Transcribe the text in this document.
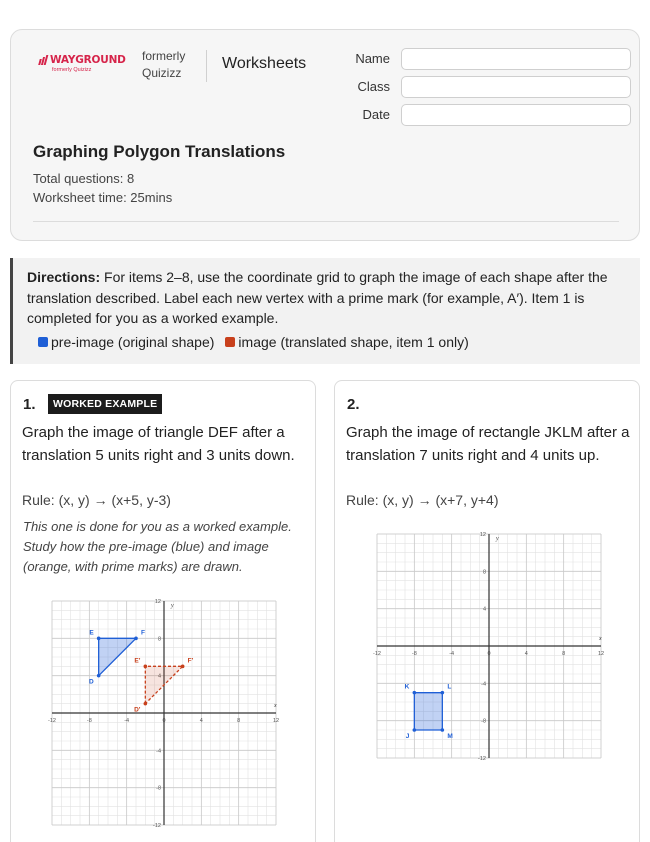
WAYGROUND
formerly Quizizz
formerly
Quizizz
Worksheets	Name
Class
Date
Graphing Polygon Translations
Total questions: 8
Worksheet time: 25mins
Directions: For items 2–8, use the coordinate grid to graph the image of each shape after the translation described. Label each new vertex with a prime mark (for example, A′). Item 1 is completed for you as a worked example.
pre-image (original shape) image (translated shape, item 1 only)
1.	WORKED EXAMPLE
Graph the image of triangle DEF after a translation 5 units right and 3 units down.
Rule: (x, y) → (x+5, y-3)
This one is done for you as a worked example. Study how the pre-image (blue) and image (orange, with prime marks) are drawn.
-12	-8	-4	0	4	8	12
12
8
4
-4
-8
-12
x
y
D
E	F
D′
E′	F′
2.
Graph the image of rectangle JKLM after a translation 7 units right and 4 units up.
Rule: (x, y) → (x+7, y+4)
-12	-8	-4	0	4	8	12
12
8
4
-4
-8
-12
x
y
K	L
M
J
